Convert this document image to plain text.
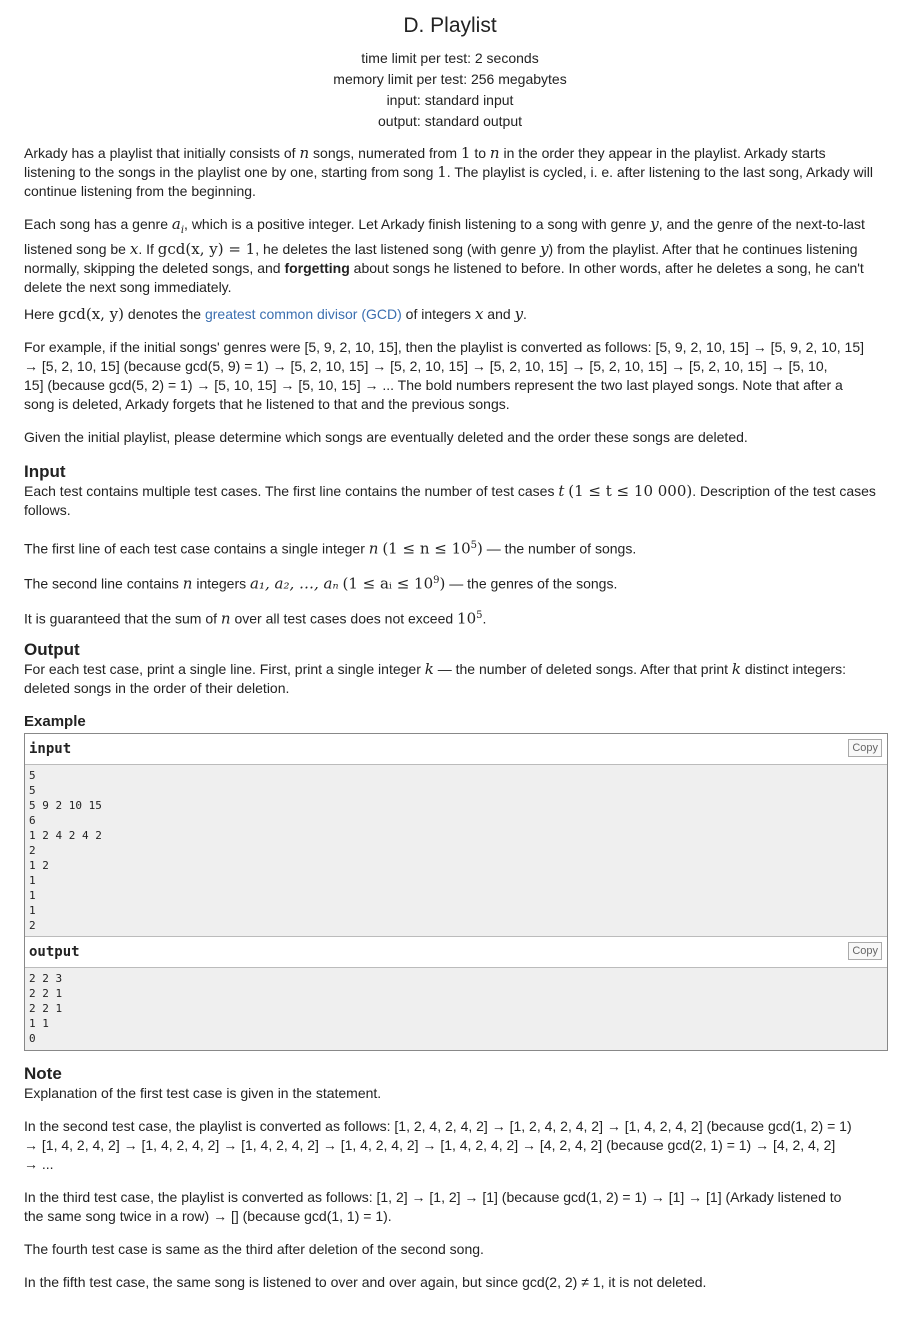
D. Playlist
time limit per test: 2 seconds
memory limit per test: 256 megabytes
input: standard input
output: standard output

Arkady has a playlist that initially consists of n songs, numerated from 1 to n in the order they appear in the playlist. Arkady starts listening to the songs in the playlist one by one, starting from song 1. The playlist is cycled, i. e. after listening to the last song, Arkady will continue listening from the beginning.

Each song has a genre $a_i$, which is a positive integer. Let Arkady finish listening to a song with genre y, and the genre of the next-to-last listened song be x. If gcd(x, y) = 1, he deletes the last listened song (with genre y) from the playlist. After that he continues listening normally, skipping the deleted songs, and forgetting about songs he listened to before. In other words, after he deletes a song, he can't delete the next song immediately.

Here gcd(x, y) denotes the greatest common divisor (GCD) of integers x and y.

For example, if the initial songs' genres were [5, 9, 2, 10, 15], then the playlist is converted as follows: [5, 9, 2, 10, 15] → [5, 9, 2, 10, 15]

→ [5, 2, 10, 15] (because gcd(5, 9) = 1) → [5, 2, 10, 15] → [5, 2, 10, 15] → [5, 2, 10, 15] → [5, 2, 10, 15] → [5, 2, 10, 15] → [5, 10,

15] (because gcd(5, 2) = 1) → [5, 10, 15] → [5, 10, 15] → ... The bold numbers represent the two last played songs. Note that after a

song is deleted, Arkady forgets that he listened to that and the previous songs.

Given the initial playlist, please determine which songs are eventually deleted and the order these songs are deleted.

Input

Each test contains multiple test cases. The first line contains the number of test cases t (1 ≤ t ≤ 10 000). Description of the test cases follows.

The first line of each test case contains a single integer n $(1 \le n \le 10^5)$ — the number of songs.

The second line contains n integers a₁, a₂, …, aₙ (1 ≤ aᵢ ≤ $10^9$) — the genres of the songs.

It is guaranteed that the sum of n over all test cases does not exceed $10^5$.

Output

For each test case, print a single line. First, print a single integer k — the number of deleted songs. After that print k distinct integers: deleted songs in the order of their deletion.

Example
input	Copy
5
5
5 9 2 10 15
6
1 2 4 2 4 2
2
1 2
1
1
1
2
output	Copy
2 2 3
2 2 1
2 2 1
1 1
0
Note

Explanation of the first test case is given in the statement.

In the second test case, the playlist is converted as follows: [1, 2, 4, 2, 4, 2] → [1, 2, 4, 2, 4, 2] → [1, 4, 2, 4, 2] (because gcd(1, 2) = 1)

→ [1, 4, 2, 4, 2] → [1, 4, 2, 4, 2] → [1, 4, 2, 4, 2] → [1, 4, 2, 4, 2] → [1, 4, 2, 4, 2] → [4, 2, 4, 2] (because gcd(2, 1) = 1) → [4, 2, 4, 2]

→ ...

In the third test case, the playlist is converted as follows: [1, 2] → [1, 2] → [1] (because gcd(1, 2) = 1) → [1] → [1] (Arkady listened to

the same song twice in a row) → [] (because gcd(1, 1) = 1).

The fourth test case is same as the third after deletion of the second song.

In the fifth test case, the same song is listened to over and over again, but since gcd(2, 2) ≠ 1, it is not deleted.
